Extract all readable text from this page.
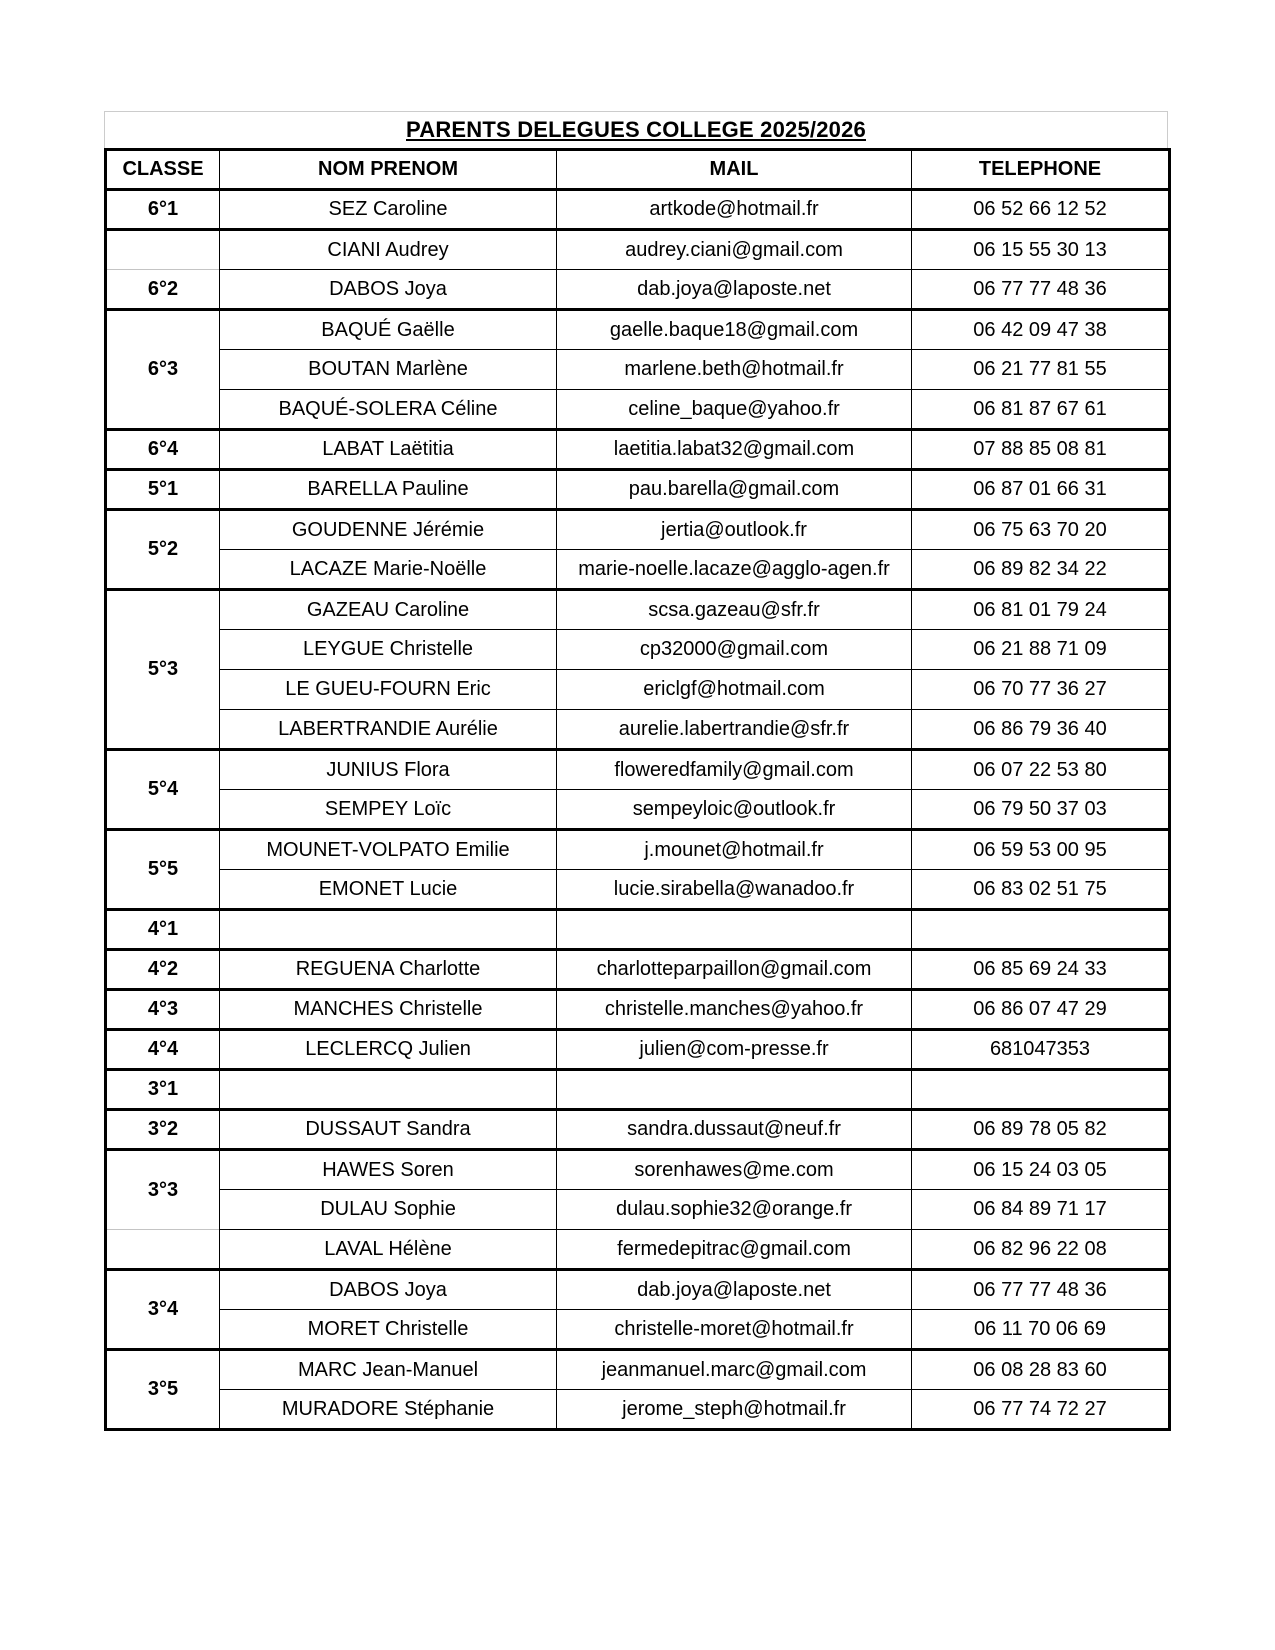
PARENTS DELEGUES COLLEGE 2025/2026
CLASSE	NOM PRENOM	MAIL	TELEPHONE
6°1	SEZ Caroline	artkode@hotmail.fr	06 52 66 12 52
	CIANI Audrey	audrey.ciani@gmail.com	06 15 55 30 13
6°2	DABOS Joya	dab.joya@laposte.net	06 77 77 48 36
6°3	BAQUÉ Gaëlle	gaelle.baque18@gmail.com	06 42 09 47 38
	BOUTAN Marlène	marlene.beth@hotmail.fr	06 21 77 81 55
	BAQUÉ-SOLERA Céline	celine_baque@yahoo.fr	06 81 87 67 61
6°4	LABAT Laëtitia	laetitia.labat32@gmail.com	07 88 85 08 81
5°1	BARELLA Pauline	pau.barella@gmail.com	06 87 01 66 31
5°2	GOUDENNE Jérémie	jertia@outlook.fr	06 75 63 70 20
	LACAZE Marie-Noëlle	marie-noelle.lacaze@agglo-agen.fr	06 89 82 34 22
5°3	GAZEAU Caroline	scsa.gazeau@sfr.fr	06 81 01 79 24
	LEYGUE Christelle	cp32000@gmail.com	06 21 88 71 09
	LE GUEU-FOURN Eric	ericlgf@hotmail.com	06 70 77 36 27
	LABERTRANDIE Aurélie	aurelie.labertrandie@sfr.fr	06 86 79 36 40
5°4	JUNIUS Flora	floweredfamily@gmail.com	06 07 22 53 80
	SEMPEY Loïc	sempeyloic@outlook.fr	06 79 50 37 03
5°5	MOUNET-VOLPATO Emilie	j.mounet@hotmail.fr	06 59 53 00 95
	EMONET Lucie	lucie.sirabella@wanadoo.fr	06 83 02 51 75
4°1			
4°2	REGUENA Charlotte	charlotteparpaillon@gmail.com	06 85 69 24 33
4°3	MANCHES Christelle	christelle.manches@yahoo.fr	06 86 07 47 29
4°4	LECLERCQ Julien	julien@com-presse.fr	681047353
3°1			
3°2	DUSSAUT Sandra	sandra.dussaut@neuf.fr	06 89 78 05 82
3°3	HAWES Soren	sorenhawes@me.com	06 15 24 03 05
	DULAU Sophie	dulau.sophie32@orange.fr	06 84 89 71 17
	LAVAL Hélène	fermedepitrac@gmail.com	06 82 96 22 08
3°4	DABOS Joya	dab.joya@laposte.net	06 77 77 48 36
	MORET Christelle	christelle-moret@hotmail.fr	06 11 70 06 69
3°5	MARC Jean-Manuel	jeanmanuel.marc@gmail.com	06 08 28 83 60
	MURADORE Stéphanie	jerome_steph@hotmail.fr	06 77 74 72 27
